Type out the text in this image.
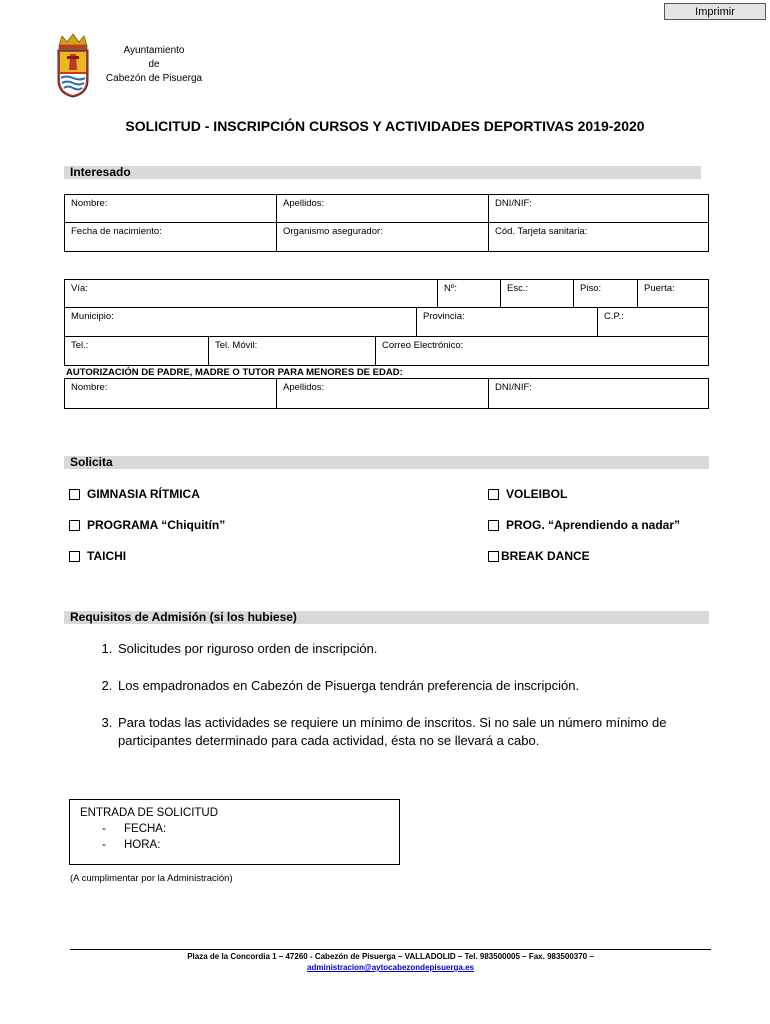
Imprimir
Ayuntamiento
de
Cabezón de Pisuerga
SOLICITUD - INSCRIPCIÓN CURSOS Y ACTIVIDADES DEPORTIVAS 2019-2020
Interesado
Nombre:	Apellidos:	DNI/NIF:
Fecha de nacimiento:	Organismo asegurador:	Cód. Tarjeta sanitaria:
Vía:	Nº:	Esc.:	Piso:	Puerta:
Municipio:	Provincia:	C.P.:
Tel.:	Tel. Móvil:	Correo Electrónico:
AUTORIZACIÓN DE PADRE, MADRE O TUTOR PARA MENORES DE EDAD:
Nombre:	Apellidos:	DNI/NIF:
Solicita
GIMNASIA RÍTMICA	VOLEIBOL
PROGRAMA “Chiquitín”	PROG. “Aprendiendo a nadar”
TAICHI	BREAK DANCE
Requisitos de Admisión (si los hubiese)
1. Solicitudes por riguroso orden de inscripción.
2. Los empadronados en Cabezón de Pisuerga tendrán preferencia de inscripción.
3. Para todas las actividades se requiere un mínimo de inscritos. Si no sale un número mínimo de participantes determinado para cada actividad, ésta no se llevará a cabo.
ENTRADA DE SOLICITUD
-	FECHA:
-	HORA:
(A cumplimentar por la Administración)
Plaza de la Concordia 1 – 47260 - Cabezón de Pisuerga – VALLADOLID – Tel. 983500005 – Fax. 983500370 –
administracion@aytocabezondepisuerga.es
